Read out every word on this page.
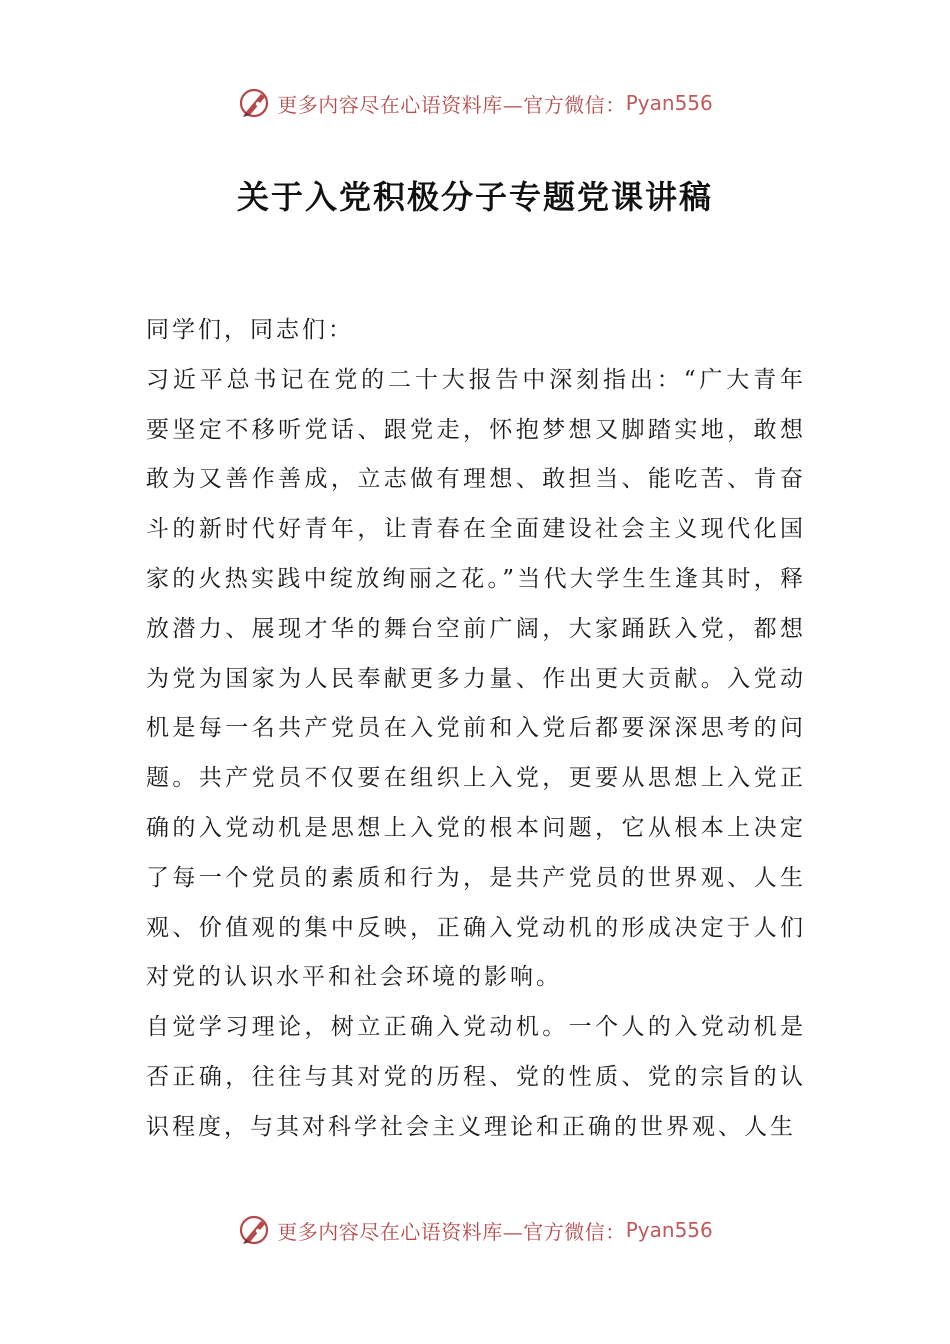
更多内容尽在心语资料库—官方微信： Pyan556
关于入党积极分子专题党课讲稿

同学们，同志们：

习近平总书记在党的二十大报告中深刻指出：“广大青年要坚定不移听党话、跟党走，怀抱梦想又脚踏实地，敢想敢为又善作善成，立志做有理想、敢担当、能吃苦、肯奋斗的新时代好青年，让青春在全面建设社会主义现代化国家的火热实践中绽放绚丽之花。”当代大学生生逢其时，释放潜力、展现才华的舞台空前广阔，大家踊跃入党，都想为党为国家为人民奉献更多力量、作出更大贡献。入党动机是每一名共产党员在入党前和入党后都要深深思考的问题。共产党员不仅要在组织上入党，更要从思想上入党正确的入党动机是思想上入党的根本问题，它从根本上决定了每一个党员的素质和行为，是共产党员的世界观、人生观、价值观的集中反映，正确入党动机的形成决定于人们对党的认识水平和社会环境的影响。

自觉学习理论，树立正确入党动机。一个人的入党动机是否正确，往往与其对党的历程、党的性质、党的宗旨的认识程度，与其对科学社会主义理论和正确的世界观、人生

更多内容尽在心语资料库—官方微信： Pyan556
